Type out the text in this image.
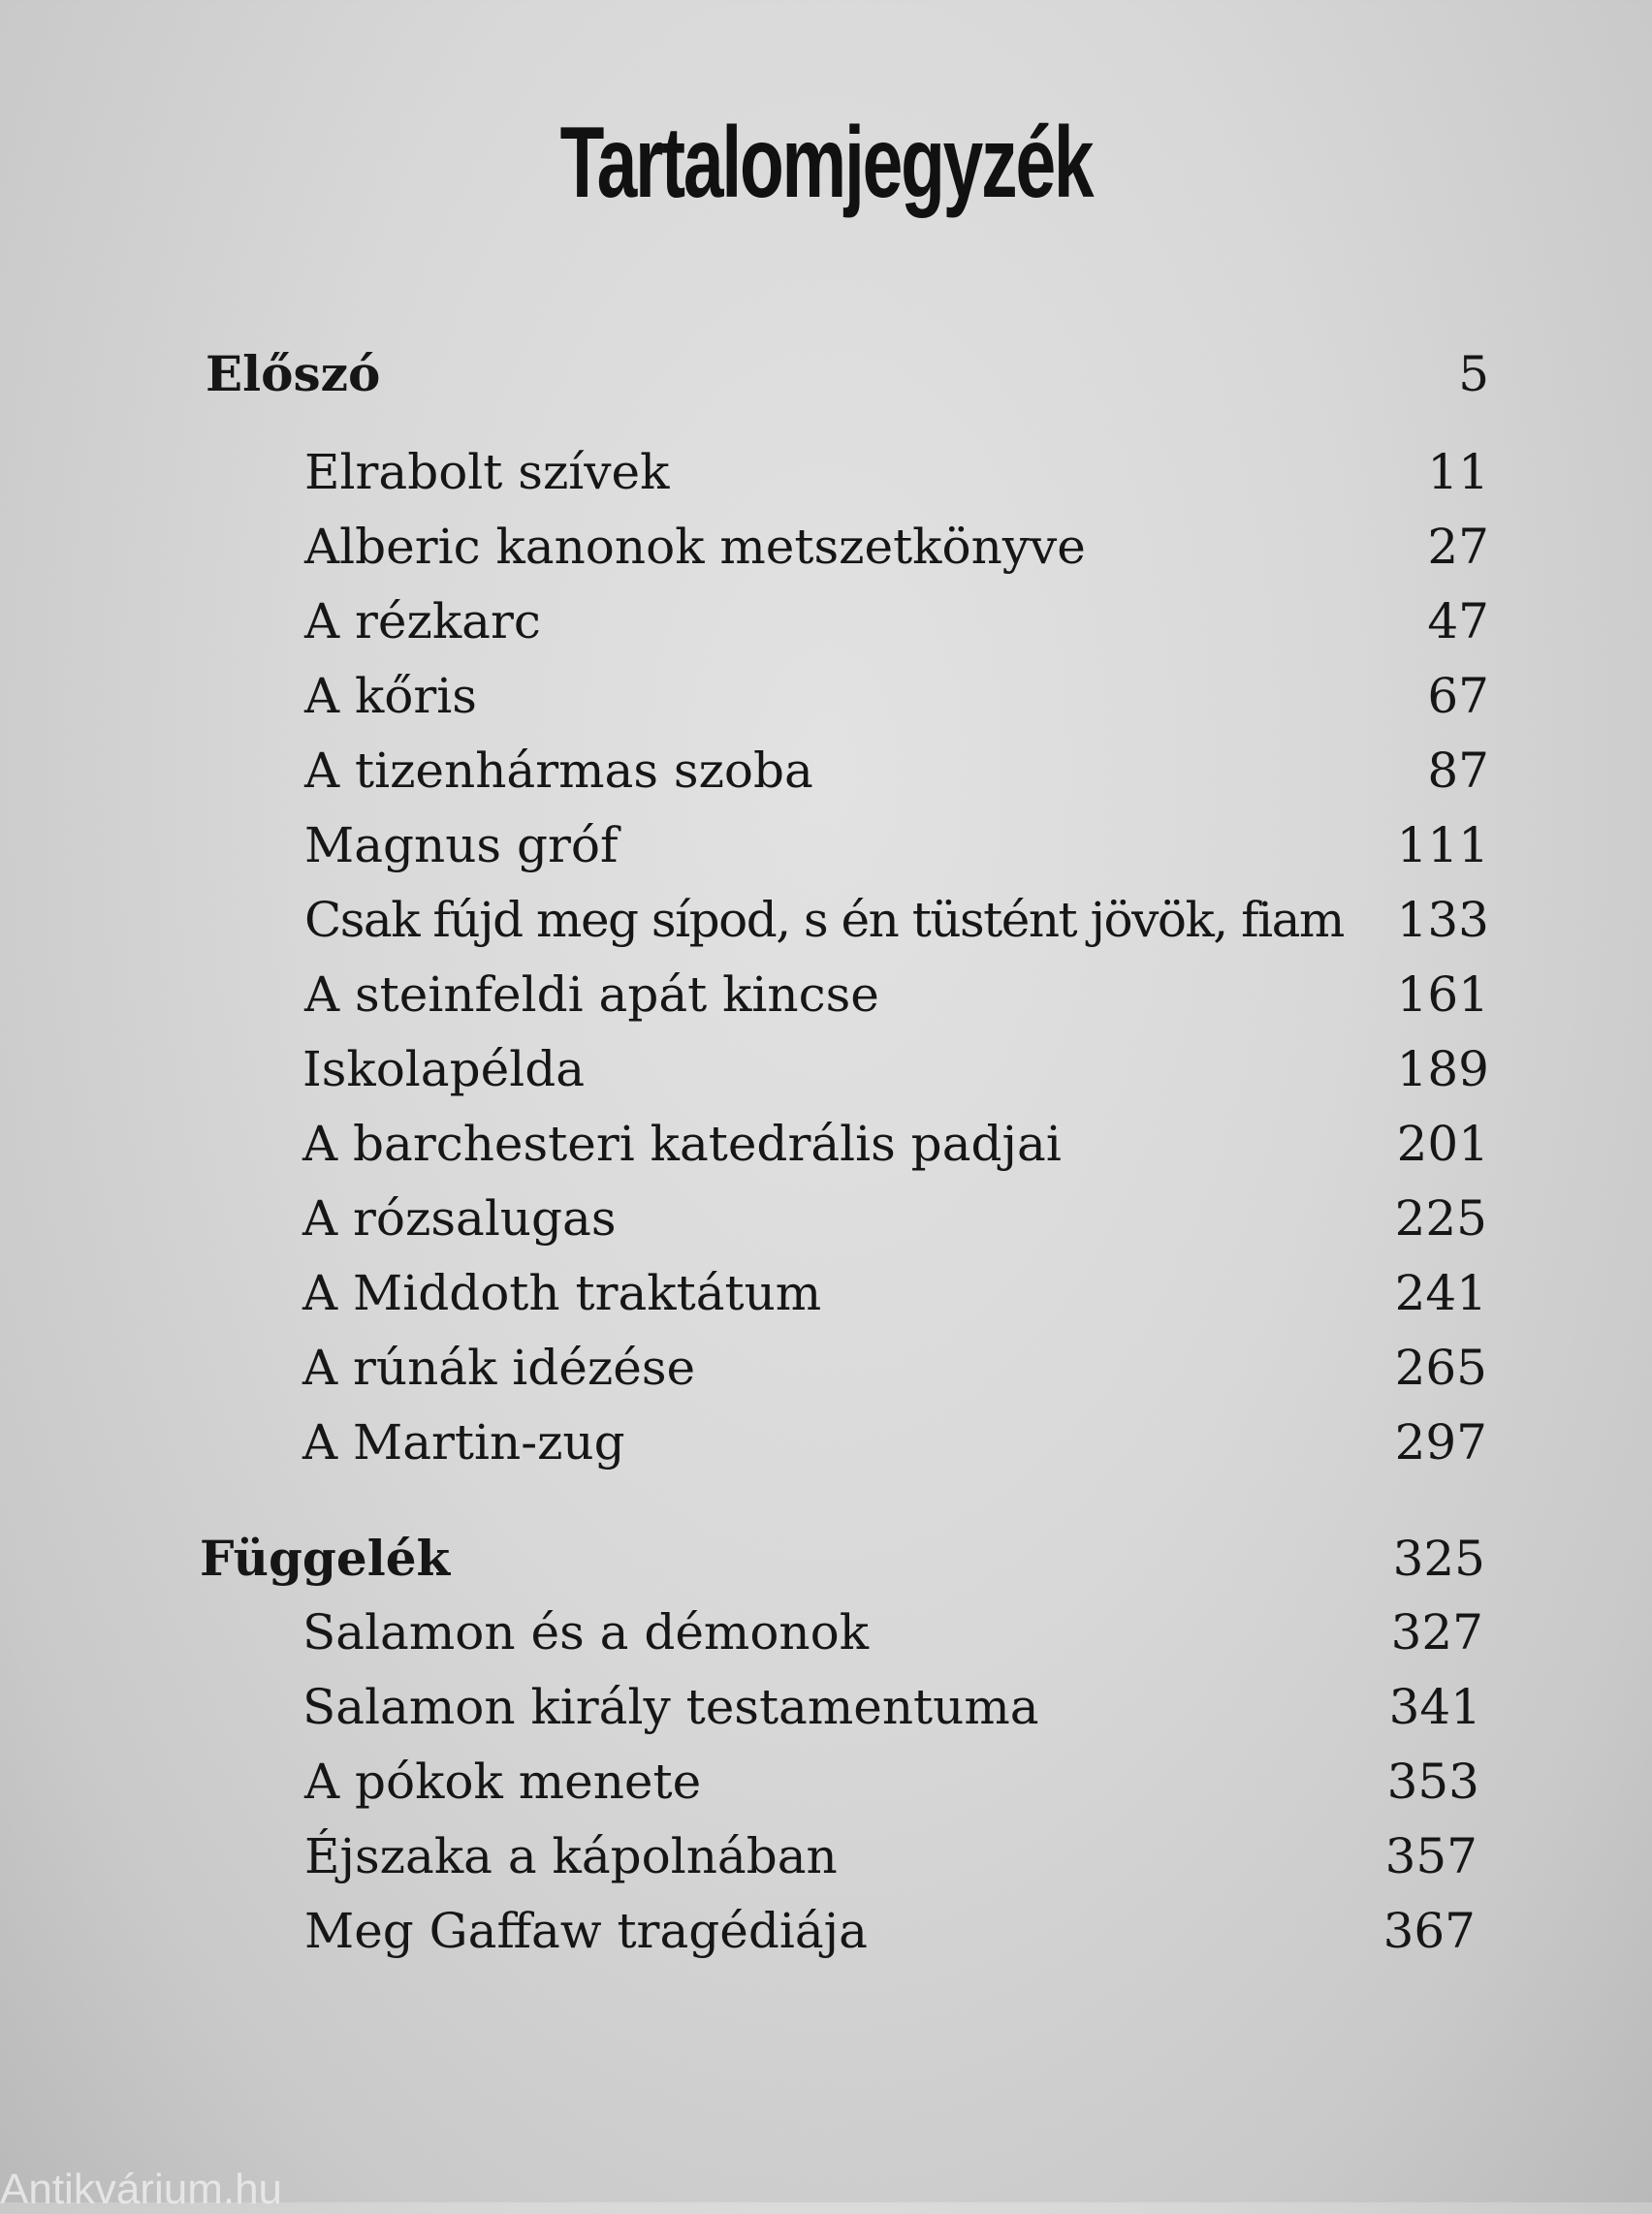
Tartalomjegyzék
Előszó	5
Elrabolt szívek	11
Alberic kanonok metszetkönyve	27
A rézkarc	47
A kőris	67
A tizenhármas szoba	87
Magnus gróf	111
Csak fújd meg sípod, s én tüstént jövök, fiam 133
A steinfeldi apát kincse	161
Iskolapélda	189
A barchesteri katedrális padjai	201
A rózsalugas	225
A Middoth traktátum	241
A rúnák idézése	265
A Martin-zug	297
Függelék	325
Salamon és a démonok	327
Salamon király testamentuma	341
A pókok menete	353
Éjszaka a kápolnában	357
Meg Gaffaw tragédiája	367
Antikvárium.hu
